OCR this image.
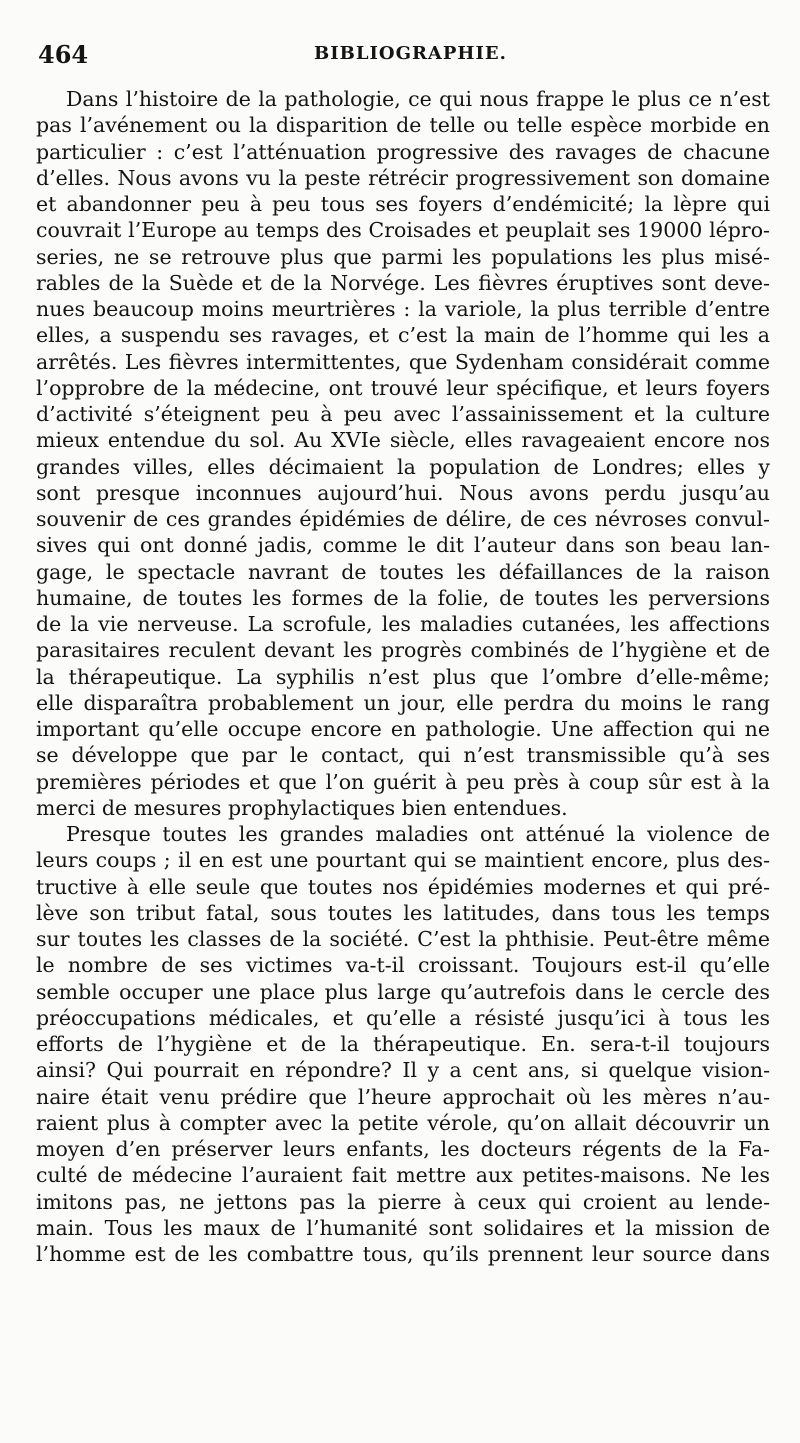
464	BIBLIOGRAPHIE.
Dans l’histoire de la pathologie, ce qui nous frappe le plus ce n’est
pas l’avénement ou la disparition de telle ou telle espèce morbide en
particulier : c’est l’atténuation progressive des ravages de chacune
d’elles. Nous avons vu la peste rétrécir progressivement son domaine
et abandonner peu à peu tous ses foyers d’endémicité; la lèpre qui
couvrait l’Europe au temps des Croisades et peuplait ses 19000 lépro-
series, ne se retrouve plus que parmi les populations les plus misé-
rables de la Suède et de la Norvége. Les fièvres éruptives sont deve-
nues beaucoup moins meurtrières : la variole, la plus terrible d’entre
elles, a suspendu ses ravages, et c’est la main de l’homme qui les a
arrêtés. Les fièvres intermittentes, que Sydenham considérait comme
l’opprobre de la médecine, ont trouvé leur spécifique, et leurs foyers
d’activité s’éteignent peu à peu avec l’assainissement et la culture
mieux entendue du sol. Au XVIe siècle, elles ravageaient encore nos
grandes villes, elles décimaient la population de Londres; elles y
sont presque inconnues aujourd’hui. Nous avons perdu jusqu’au
souvenir de ces grandes épidémies de délire, de ces névroses convul-
sives qui ont donné jadis, comme le dit l’auteur dans son beau lan-
gage, le spectacle navrant de toutes les défaillances de la raison
humaine, de toutes les formes de la folie, de toutes les perversions
de la vie nerveuse. La scrofule, les maladies cutanées, les affections
parasitaires reculent devant les progrès combinés de l’hygiène et de
la thérapeutique. La syphilis n’est plus que l’ombre d’elle-même;
elle disparaîtra probablement un jour, elle perdra du moins le rang
important qu’elle occupe encore en pathologie. Une affection qui ne
se développe que par le contact, qui n’est transmissible qu’à ses
premières périodes et que l’on guérit à peu près à coup sûr est à la
merci de mesures prophylactiques bien entendues.
Presque toutes les grandes maladies ont atténué la violence de
leurs coups ; il en est une pourtant qui se maintient encore, plus des-
tructive à elle seule que toutes nos épidémies modernes et qui pré-
lève son tribut fatal, sous toutes les latitudes, dans tous les temps
sur toutes les classes de la société. C’est la phthisie. Peut-être même
le nombre de ses victimes va-t-il croissant. Toujours est-il qu’elle
semble occuper une place plus large qu’autrefois dans le cercle des
préoccupations médicales, et qu’elle a résisté jusqu’ici à tous les
efforts de l’hygiène et de la thérapeutique. En. sera-t-il toujours
ainsi? Qui pourrait en répondre? Il y a cent ans, si quelque vision-
naire était venu prédire que l’heure approchait où les mères n’au-
raient plus à compter avec la petite vérole, qu’on allait découvrir un
moyen d’en préserver leurs enfants, les docteurs régents de la Fa-
culté de médecine l’auraient fait mettre aux petites-maisons. Ne les
imitons pas, ne jettons pas la pierre à ceux qui croient au lende-
main. Tous les maux de l’humanité sont solidaires et la mission de
l’homme est de les combattre tous, qu’ils prennent leur source dans
